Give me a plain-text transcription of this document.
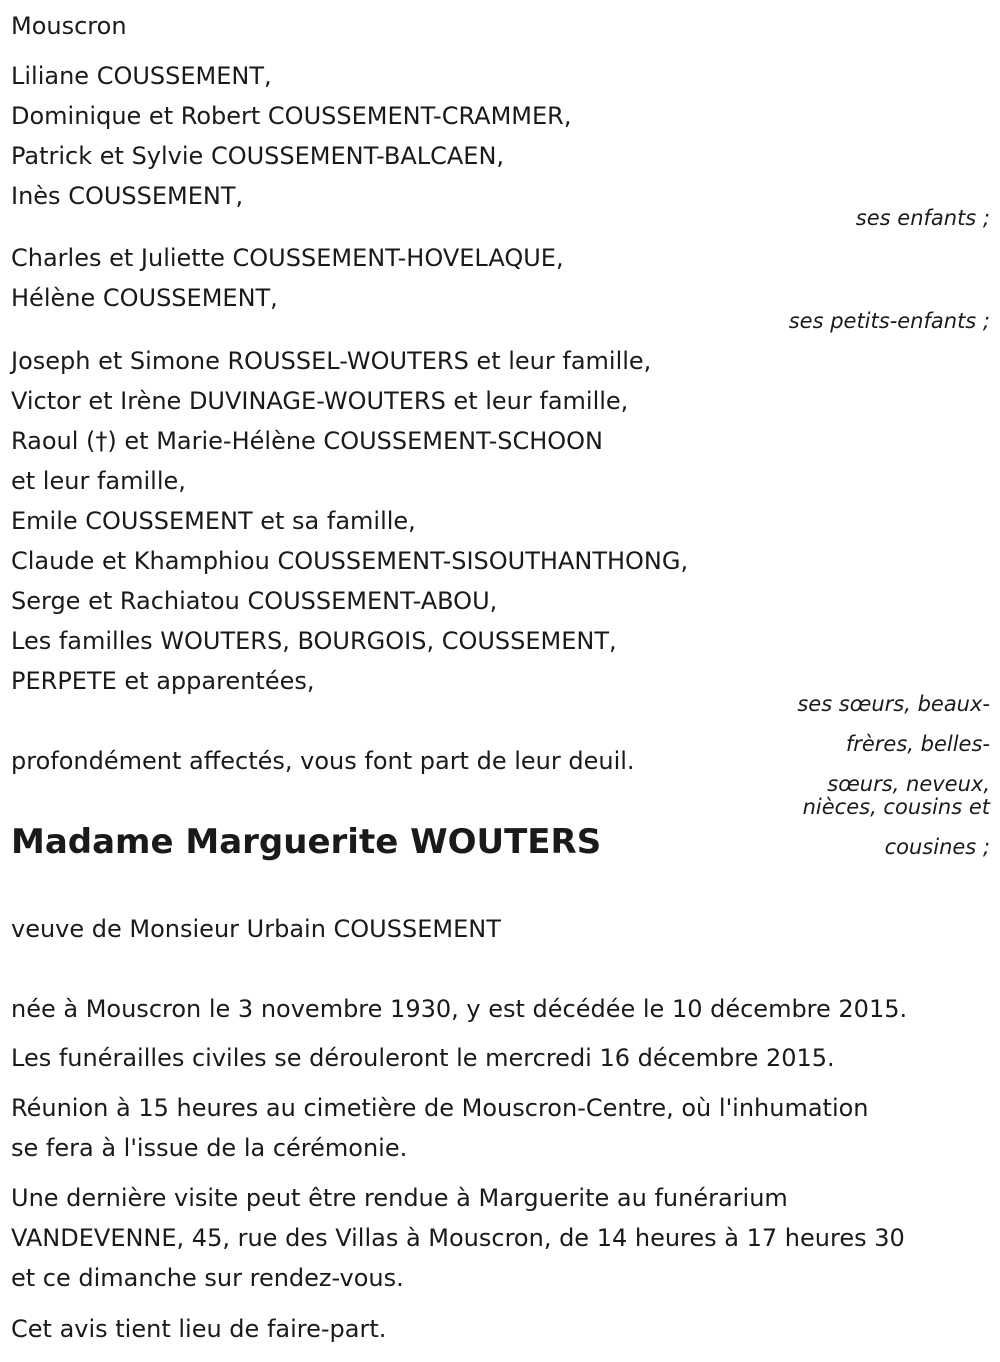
Mouscron
Liliane COUSSEMENT,
Dominique et Robert COUSSEMENT-CRAMMER,
Patrick et Sylvie COUSSEMENT-BALCAEN,
Inès COUSSEMENT,
ses enfants ;
Charles et Juliette COUSSEMENT-HOVELAQUE,
Hélène COUSSEMENT,
ses petits-enfants ;
Joseph et Simone ROUSSEL-WOUTERS et leur famille,
Victor et Irène DUVINAGE-WOUTERS et leur famille,
Raoul (†) et Marie-Hélène COUSSEMENT-SCHOON
et leur famille,
Emile COUSSEMENT et sa famille,
Claude et Khamphiou COUSSEMENT-SISOUTHANTHONG,
Serge et Rachiatou COUSSEMENT-ABOU,
Les familles WOUTERS, BOURGOIS, COUSSEMENT,
PERPETE et apparentées,
ses sœurs, beaux-
frères, belles-
sœurs, neveux,
nièces, cousins et
cousines ;
profondément affectés, vous font part de leur deuil.
Madame Marguerite WOUTERS
veuve de Monsieur Urbain COUSSEMENT
née à Mouscron le 3 novembre 1930, y est décédée le 10 décembre 2015.
Les funérailles civiles se dérouleront le mercredi 16 décembre 2015.
Réunion à 15 heures au cimetière de Mouscron-Centre, où l'inhumation
se fera à l'issue de la cérémonie.
Une dernière visite peut être rendue à Marguerite au funérarium
VANDEVENNE, 45, rue des Villas à Mouscron, de 14 heures à 17 heures 30
et ce dimanche sur rendez-vous.
Cet avis tient lieu de faire-part.
